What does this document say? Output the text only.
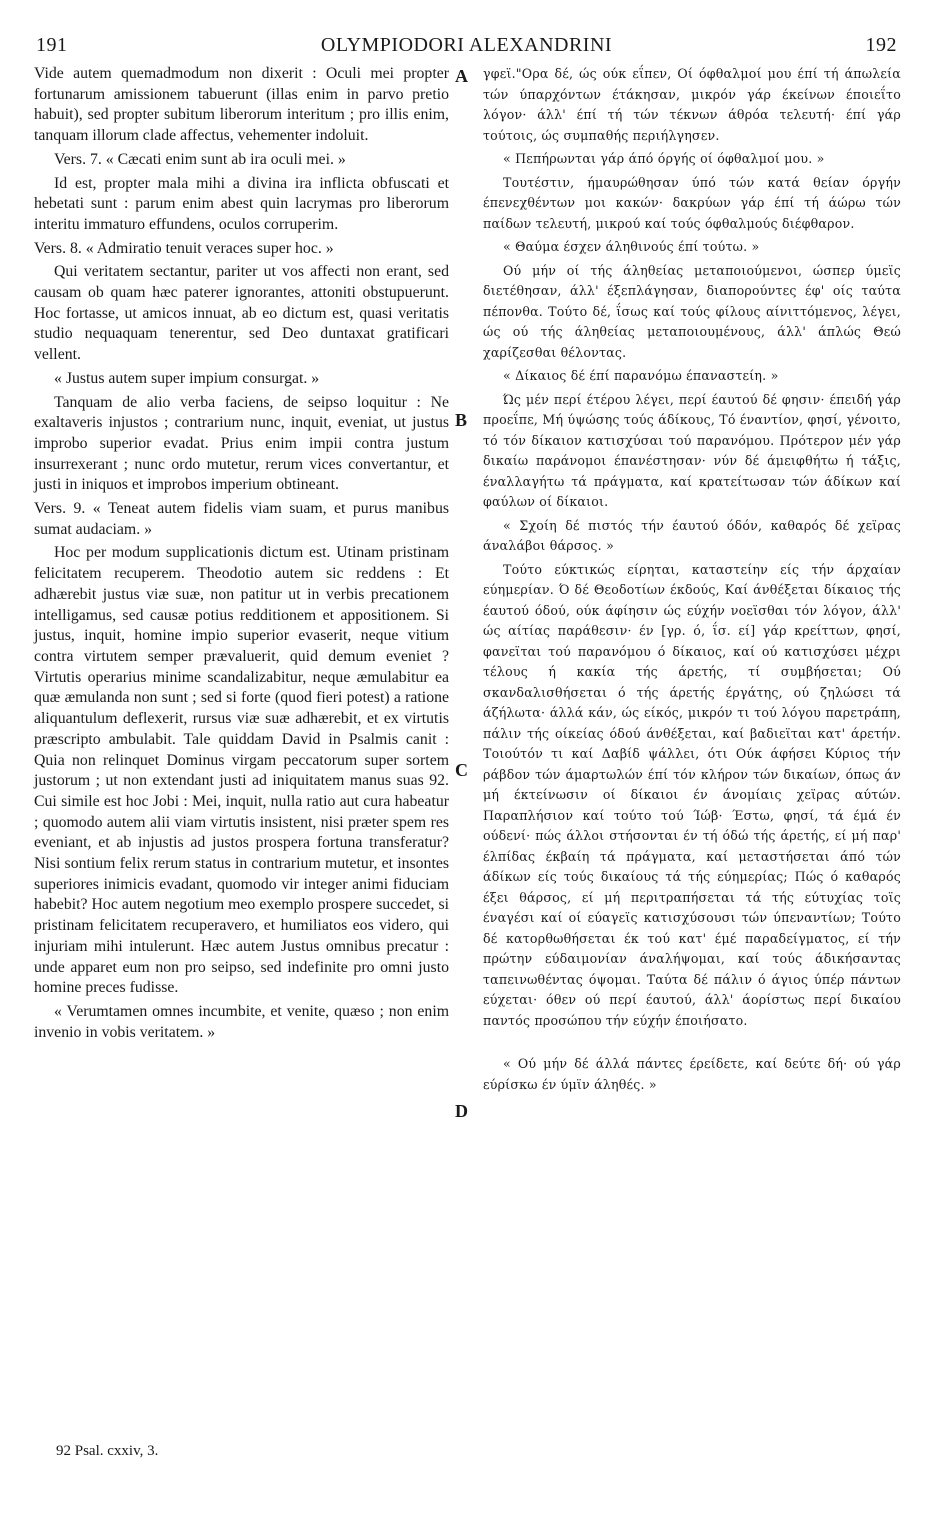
191	OLYMPIODORI ALEXANDRINI	192

Vide autem quemadmodum non dixerit : Oculi mei propter fortunarum amissionem tabuerunt (illas enim in parvo pretio habuit), sed propter subitum liberorum interitum ; pro illis enim, tanquam illorum clade affectus, vehementer indoluit.

Vers. 7. « Cæcati enim sunt ab ira oculi mei. »

Id est, propter mala mihi a divina ira inflicta obfuscati et hebetati sunt : parum enim abest quin lacrymas pro liberorum interitu immaturo effundens, oculos corruperim.

Vers. 8. « Admiratio tenuit veraces super hoc. »

Qui veritatem sectantur, pariter ut vos affecti non erant, sed causam ob quam hæc paterer ignorantes, attoniti obstupuerunt. Hoc fortasse, ut amicos innuat, ab eo dictum est, quasi veritatis studio nequaquam tenerentur, sed Deo duntaxat gratificari vellent.

« Justus autem super impium consurgat. »

Tanquam de alio verba faciens, de seipso loquitur : Ne exaltaveris injustos ; contrarium nunc, inquit, eveniat, ut justus improbo superior evadat. Prius enim impii contra justum insurrexerant ; nunc ordo mutetur, rerum vices convertantur, et justi in iniquos et improbos imperium obtineant.

Vers. 9. « Teneat autem fidelis viam suam, et purus manibus sumat audaciam. »

Hoc per modum supplicationis dictum est. Utinam pristinam felicitatem recuperem. Theodotio autem sic reddens : Et adhærebit justus viæ suæ, non patitur ut in verbis precationem intelligamus, sed causæ potius redditionem et appositionem. Si justus, inquit, homine impio superior evaserit, neque vitium contra virtutem semper prævaluerit, quid demum eveniet ? Virtutis operarius minime scandalizabitur, neque æmulabitur ea quæ æmulanda non sunt ; sed si forte (quod fieri potest) a ratione aliquantulum deflexerit, rursus viæ suæ adhærebit, et ex virtutis præscripto ambulabit. Tale quiddam David in Psalmis canit : Quia non relinquet Dominus virgam peccatorum super sortem justorum ; ut non extendant justi ad iniquitatem manus suas 92. Cui simile est hoc Jobi : Mei, inquit, nulla ratio aut cura habeatur ; quomodo autem alii viam virtutis insistent, nisi præter spem res eveniant, et ab injustis ad justos prospera fortuna transferatur? Nisi sontium felix rerum status in contrarium mutetur, et insontes superiores inimicis evadant, quomodo vir integer animi fiduciam habebit? Hoc autem negotium meo exemplo prospere succedet, si pristinam felicitatem recuperavero, et humiliatos eos videro, qui injuriam mihi intulerunt. Hæc autem Justus omnibus precatur : unde apparet eum non pro seipso, sed indefinite pro omni justo homine preces fudisse.

« Verumtamen omnes incumbite, et venite, quæso ; non enim invenio in vobis veritatem. »

γφεϊ."Ορα δέ, ώς ούκ εΐπεν, Οί όφθαλμοί μου έπί τή άπωλεία τών ύπαρχόντων έτάκησαν, μικρόν γάρ έκείνων έποιεΐτο λόγον· άλλ' έπί τή τών τέκνων άθρόα τελευτή· έπί γάρ τούτοις, ώς συμπαθής περιήλγησεν.

« Πεπήρωνται γάρ άπό όργής οί όφθαλμοί μου. »

Τουτέστιν, ήμαυρώθησαν ύπό τών κατά θείαν όργήν έπενεχθέντων μοι κακών· δακρύων γάρ έπί τή άώρω τών παίδων τελευτή, μικρού καί τούς όφθαλμούς διέφθαρον.

« Θαύμα έσχεν άληθινούς έπί τούτω. »

Ού μήν οί τής άληθείας μεταποιούμενοι, ώσπερ ύμεϊς διετέθησαν, άλλ' έξεπλάγησαν, διαπορούντες έφ' οίς ταύτα πέπονθα. Τούτο δέ, ΐσως καί τούς φίλους αίνιττόμενος, λέγει, ώς ού τής άληθείας μεταποιουμένους, άλλ' άπλώς Θεώ χαρίζεσθαι θέλοντας.

« Δίκαιος δέ έπί παρανόμω έπαναστείη. »

Ώς μέν περί έτέρου λέγει, περί έαυτού δέ φησιν· έπειδή γάρ προεΐπε, Μή ύψώσης τούς άδίκους, Τό έναντίον, φησί, γένοιτο, τό τόν δίκαιον κατισχύσαι τού παρανόμου. Πρότερον μέν γάρ δικαίω παράνομοι έπανέστησαν· νύν δέ άμειφθήτω ή τάξις, έναλλαγήτω τά πράγματα, καί κρατείτωσαν τών άδίκων καί φαύλων οί δίκαιοι.

« Σχοίη δέ πιστός τήν έαυτού όδόν, καθαρός δέ χεϊρας άναλάβοι θάρσος. »

Τούτο εύκτικώς είρηται, καταστείην είς τήν άρχαίαν εύημερίαν. Ό δέ Θεοδοτίων έκδούς, Καί άνθέξεται δίκαιος τής έαυτού όδού, ούκ άφίησιν ώς εύχήν νοεϊσθαι τόν λόγον, άλλ' ώς αίτίας παράθεσιν· έν [γρ. ό, ΐσ. εί] γάρ κρείττων, φησί, φανεϊται τού παρανόμου ό δίκαιος, καί ού κατισχύσει μέχρι τέλους ή κακία τής άρετής, τί συμβήσεται; Ού σκανδαλισθήσεται ό τής άρετής έργάτης, ού ζηλώσει τά άζήλωτα· άλλά κάν, ώς είκός, μικρόν τι τού λόγου παρετράπη, πάλιν τής οίκείας όδού άνθέξεται, καί βαδιεϊται κατ' άρετήν. Τοιούτόν τι καί Δαβίδ ψάλλει, ότι Ούκ άφήσει Κύριος τήν ράβδον τών άμαρτωλών έπί τόν κλήρον τών δικαίων, όπως άν μή έκτείνωσιν οί δίκαιοι έν άνομίαις χεϊρας αύτών. Παραπλήσιον καί τούτο τού Ίώβ· Έστω, φησί, τά έμά έν ούδενί· πώς άλλοι στήσονται έν τή όδώ τής άρετής, εί μή παρ' έλπίδας έκβαίη τά πράγματα, καί μεταστήσεται άπό τών άδίκων είς τούς δικαίους τά τής εύημερίας; Πώς ό καθαρός έξει θάρσος, εί μή περιτραπήσεται τά τής εύτυχίας τοϊς έναγέσι καί οί εύαγεϊς κατισχύσουσι τών ύπεναντίων; Τούτο δέ κατορθωθήσεται έκ τού κατ' έμέ παραδείγματος, εί τήν πρώτην εύδαιμονίαν άναλήψομαι, καί τούς άδικήσαντας ταπεινωθέντας όψομαι. Ταύτα δέ πάλιν ό άγιος ύπέρ πάντων εύχεται· όθεν ού περί έαυτού, άλλ' άορίστως περί δικαίου παντός προσώπου τήν εύχήν έποιήσατο.

« Ού μήν δέ άλλά πάντες έρείδετε, καί δεύτε δή· ού γάρ εύρίσκω έν ύμϊν άληθές. »

A
B
C
D
92 Psal. cxxiv, 3.
